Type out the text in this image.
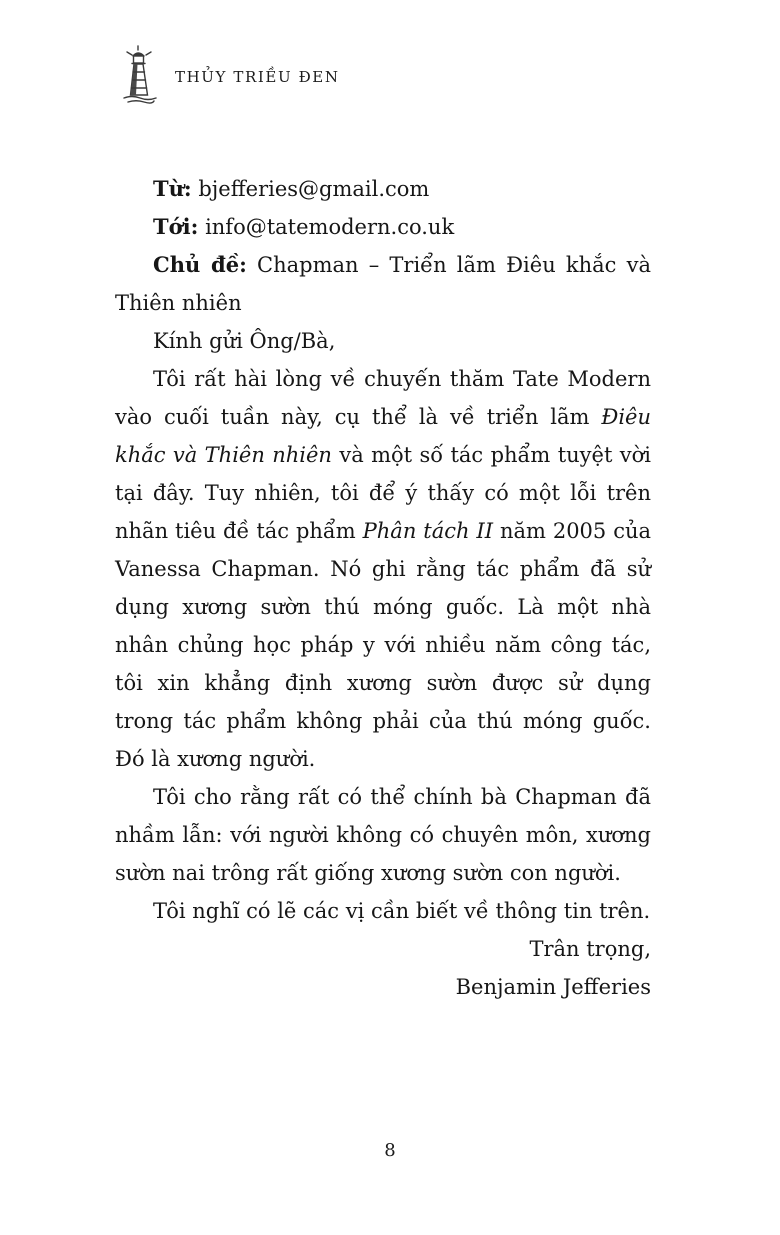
THỦY TRIỀU ĐEN

Từ: bjefferies@gmail.com

Tới: info@tatemodern.co.uk

Chủ đề: Chapman – Triển lãm Điêu khắc và Thiên nhiên

Kính gửi Ông/Bà,

Tôi rất hài lòng về chuyến thăm Tate Modern vào cuối tuần này, cụ thể là về triển lãm Điêu khắc và Thiên nhiên và một số tác phẩm tuyệt vời tại đây. Tuy nhiên, tôi để ý thấy có một lỗi trên nhãn tiêu đề tác phẩm Phân tách II năm 2005 của Vanessa Chapman. Nó ghi rằng tác phẩm đã sử dụng xương sườn thú móng guốc. Là một nhà nhân chủng học pháp y với nhiều năm công tác, tôi xin khẳng định xương sườn được sử dụng trong tác phẩm không phải của thú móng guốc. Đó là xương người.

Tôi cho rằng rất có thể chính bà Chapman đã nhầm lẫn: với người không có chuyên môn, xương sườn nai trông rất giống xương sườn con người.

Tôi nghĩ có lẽ các vị cần biết về thông tin trên.

Trân trọng,

Benjamin Jefferies

8
